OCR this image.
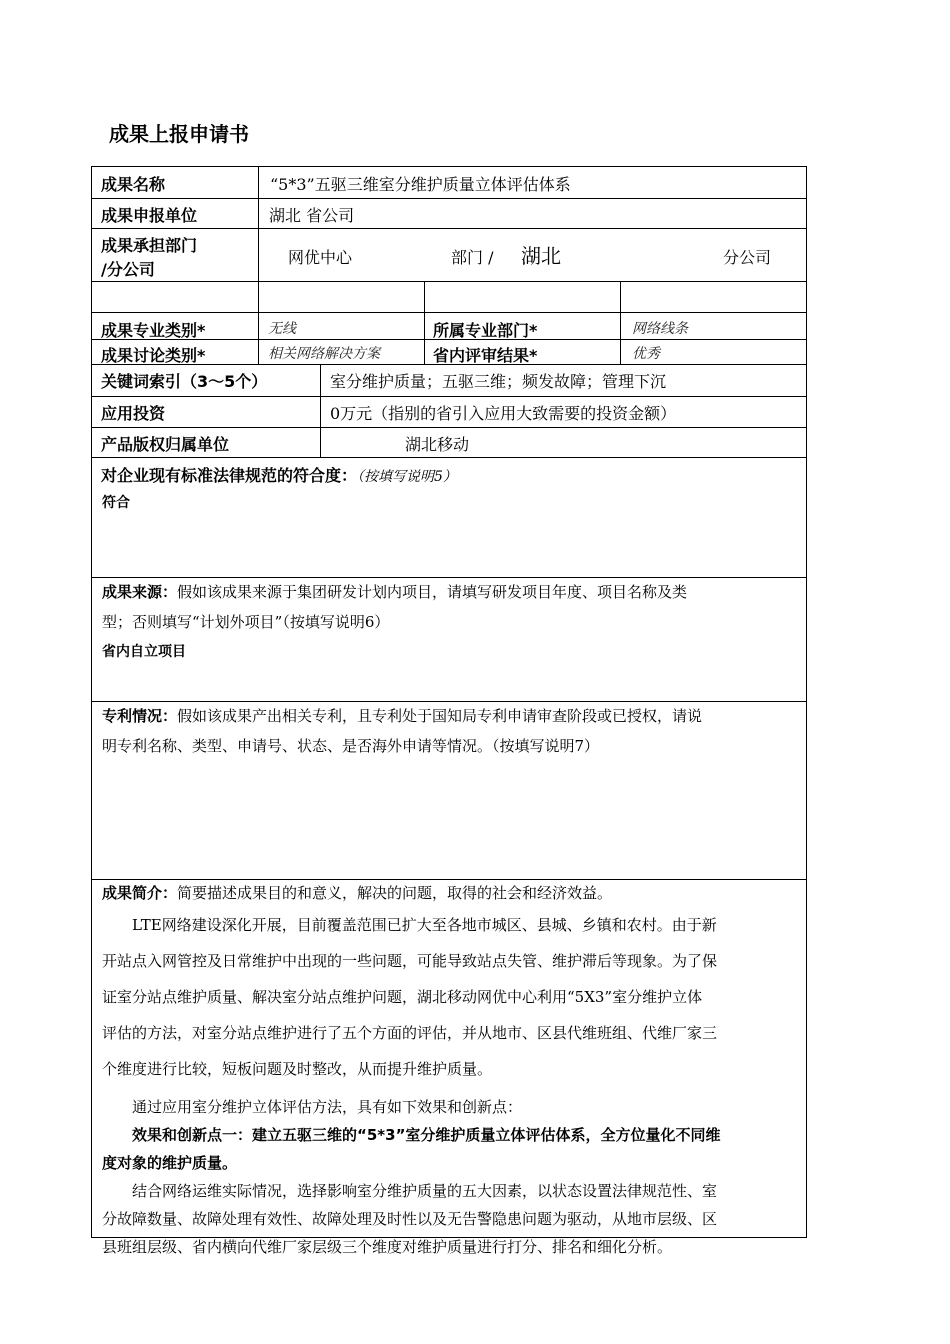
成果上报申请书
成果名称	“5*3”五驱三维室分维护质量立体评估体系
成果申报单位	湖北 省公司
成果承担部门
/分公司
网优中心	部门 / 湖北	分公司
成果专业类别*	无线	所属专业部门*	网络线条
成果讨论类别*	相关网络解决方案	省内评审结果*	优秀
关键词索引（3～5个）	室分维护质量；五驱三维；频发故障；管理下沉
应用投资	0万元（指别的省引入应用大致需要的投资金额）
产品版权归属单位	湖北移动
对企业现有标准法律规范的符合度：（按填写说明5）
符合
成果来源：假如该成果来源于集团研发计划内项目，请填写研发项目年度、项目名称及类
型；否则填写“计划外项目”（按填写说明6）
省内自立项目
专利情况：假如该成果产出相关专利，且专利处于国知局专利申请审查阶段或已授权，请说
明专利名称、类型、申请号、状态、是否海外申请等情况。（按填写说明7）
成果简介：简要描述成果目的和意义，解决的问题，取得的社会和经济效益。
LTE网络建设深化开展，目前覆盖范围已扩大至各地市城区、县城、乡镇和农村。由于新
开站点入网管控及日常维护中出现的一些问题，可能导致站点失管、维护滞后等现象。为了保
证室分站点维护质量、解决室分站点维护问题，湖北移动网优中心利用“5X3”室分维护立体
评估的方法，对室分站点维护进行了五个方面的评估，并从地市、区县代维班组、代维厂家三
个维度进行比较，短板问题及时整改，从而提升维护质量。
通过应用室分维护立体评估方法，具有如下效果和创新点：
效果和创新点一：建立五驱三维的“5*3”室分维护质量立体评估体系，全方位量化不同维
度对象的维护质量。
结合网络运维实际情况，选择影响室分维护质量的五大因素，以状态设置法律规范性、室
分故障数量、故障处理有效性、故障处理及时性以及无告警隐患问题为驱动，从地市层级、区
县班组层级、省内横向代维厂家层级三个维度对维护质量进行打分、排名和细化分析。
